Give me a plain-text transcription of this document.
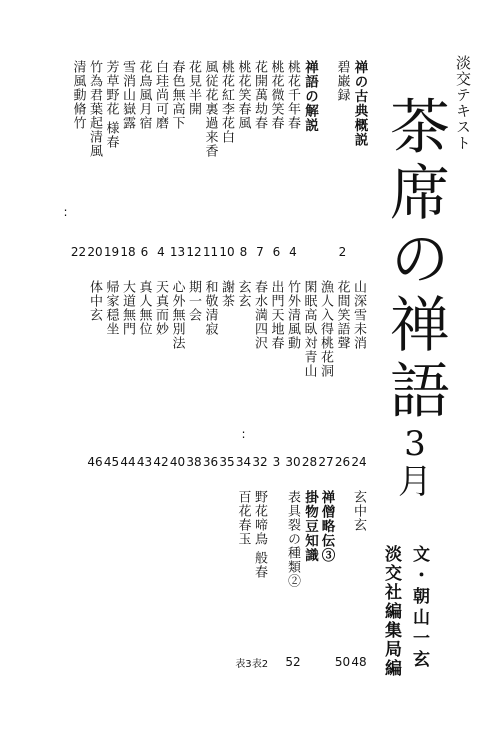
淡交テキスト
茶席の禅語
3
月
文・朝山一玄
淡交社編集局編
禅の古典概説
碧巌録
2
禅語の解説
桃花千年春
4
桃花微笑春
6
花開萬劫春
7
桃花笑春風
8
桃花紅李花白
10
風従花裏過来香
11
花見半開
12
春色無高下
13
白珪尚可磨
4
花鳥風月宿
6
雪消山嶽露
18
芳草野花 様春
19
竹為君葉起清風
20
清風動脩竹
22
山深雪未消
24
花間笑語聲
26
漁人入得桃花洞
27
閑眠高臥対青山
28
竹外清風動
30
出門天地春
3
春水満四沢
32
玄玄
34
謝茶
35
和敬清寂
36
期一会
38
心外無別法
40
天真而妙
42
真人無位
43
大道無門
44
帰家穏坐
45
体中玄
46
:
:
玄中玄
48
50
禅僧略伝③
掛物豆知識
表具裂の種類②
52
野花啼鳥 般春
表2
百花春玉
表3
